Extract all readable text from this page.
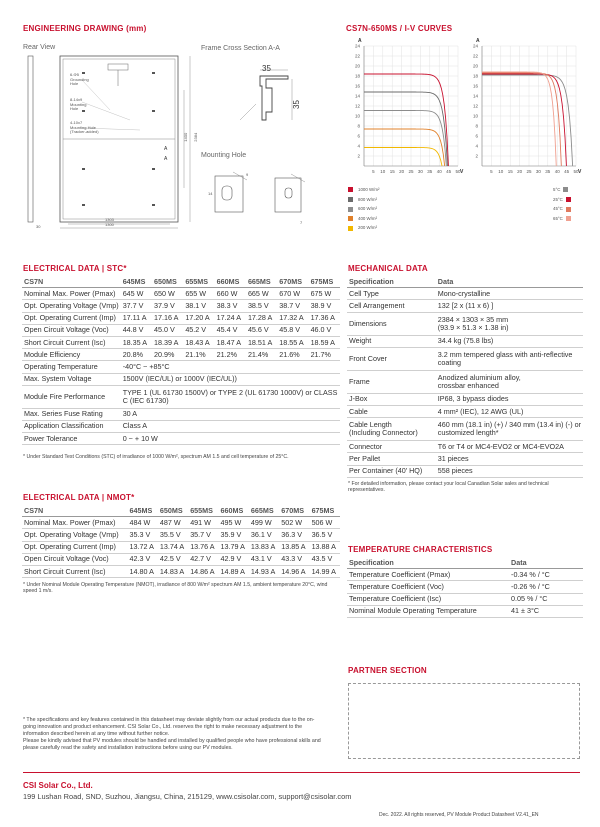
ENGINEERING DRAWING (mm)
Rear View	Frame Cross Section A-A
Mounting Hole
A
A
6-Φ5
Grounding
Hole
8-14x9
Mounting
Hole
4-10x7
Mounting Hole
(Tracker-added)
1303
1300
2384
1400
30
35
35
14
9
7
CS7N-650MS / I-V CURVES
2
4
6
8
10
12
14
16
18
20
22
24
5 10 15 20 25 30 35 40 45 50
A
V
2
4
6
8
10
12
14
16
18
20
22
24
5 10 15 20 25 30 35 40 45 50
A
V
1000 W/m²
800 W/m²
600 W/m²
400 W/m²
200 W/m²
5°C
25°C
45°C
65°C
ELECTRICAL DATA | STC*
CS7N	645MS	650MS	655MS	660MS	665MS	670MS	675MS
Nominal Max. Power (Pmax)	645 W	650 W	655 W	660 W	665 W	670 W	675 W
Opt. Operating Voltage (Vmp)	37.7 V	37.9 V	38.1 V	38.3 V	38.5 V	38.7 V	38.9 V
Opt. Operating Current (Imp)	17.11 A	17.16 A	17.20 A	17.24 A	17.28 A	17.32 A	17.36 A
Open Circuit Voltage (Voc)	44.8 V	45.0 V	45.2 V	45.4 V	45.6 V	45.8 V	46.0 V
Short Circuit Current (Isc)	18.35 A	18.39 A	18.43 A	18.47 A	18.51 A	18.55 A	18.59 A
Module Efficiency	20.8%	20.9%	21.1%	21.2%	21.4%	21.6%	21.7%
Operating Temperature	-40°C ~ +85°C						
Max. System Voltage	1500V (IEC/UL) or 1000V (IEC/UL))						
Module Fire Performance	TYPE 1 (UL 61730 1500V) or TYPE 2 (UL 61730 1000V) or CLASS C (IEC 61730)						
Max. Series Fuse Rating	30 A						
Application Classification	Class A						
Power Tolerance	0 ~ + 10 W						
* Under Standard Test Conditions (STC) of irradiance of 1000 W/m², spectrum AM 1.5 and cell temperature of 25°C.
ELECTRICAL DATA | NMOT*
CS7N	645MS	650MS	655MS	660MS	665MS	670MS	675MS
Nominal Max. Power (Pmax)	484 W	487 W	491 W	495 W	499 W	502 W	506 W
Opt. Operating Voltage (Vmp)	35.3 V	35.5 V	35.7 V	35.9 V	36.1 V	36.3 V	36.5 V
Opt. Operating Current (Imp)	13.72 A	13.74 A	13.76 A	13.79 A	13.83 A	13.85 A	13.88 A
Open Circuit Voltage (Voc)	42.3 V	42.5 V	42.7 V	42.9 V	43.1 V	43.3 V	43.5 V
Short Circuit Current (Isc)	14.80 A	14.83 A	14.86 A	14.89 A	14.93 A	14.96 A	14.99 A
* Under Nominal Module Operating Temperature (NMOT), irradiance of 800 W/m² spectrum AM 1.5, ambient temperature 20°C, wind speed 1 m/s.
MECHANICAL DATA
Specification	Data
Cell Type	Mono-crystalline
Cell Arrangement	132 [2 x (11 x 6) ]
Dimensions	2384 × 1303 × 35 mm
(93.9 × 51.3 × 1.38 in)
Weight	34.4 kg (75.8 lbs)
Front Cover	3.2 mm tempered glass with anti-reflective coating
Frame	Anodized aluminium alloy,
crossbar enhanced
J-Box	IP68, 3 bypass diodes
Cable	4 mm² (IEC), 12 AWG (UL)
Cable Length
(Including Connector)	460 mm (18.1 in) (+) / 340 mm (13.4 in) (-) or customized length*
Connector	T6 or T4 or MC4-EVO2 or MC4-EVO2A
Per Pallet	31 pieces
Per Container (40' HQ)	558 pieces
* For detailed information, please contact your local Canadian Solar sales and technical representatives.
TEMPERATURE CHARACTERISTICS
Specification	Data
Temperature Coefficient (Pmax)	-0.34 % / °C
Temperature Coefficient (Voc)	-0.26 % / °C
Temperature Coefficient (Isc)	0.05 % / °C
Nominal Module Operating Temperature	41 ± 3°C
PARTNER SECTION
* The specifications and key features contained in this datasheet may deviate slightly from our actual products due to the on-going innovation and product enhancement. CSI Solar Co., Ltd. reserves the right to make necessary adjustment to the information described herein at any time without further notice.
Please be kindly advised that PV modules should be handled and installed by qualified people who have professional skills and please carefully read the safety and installation instructions before using our PV modules.
CSI Solar Co., Ltd.
199 Lushan Road, SND, Suzhou, Jiangsu, China, 215129, www.csisolar.com, support@csisolar.com
Dec. 2022. All rights reserved, PV Module Product Datasheet V2.41_EN
